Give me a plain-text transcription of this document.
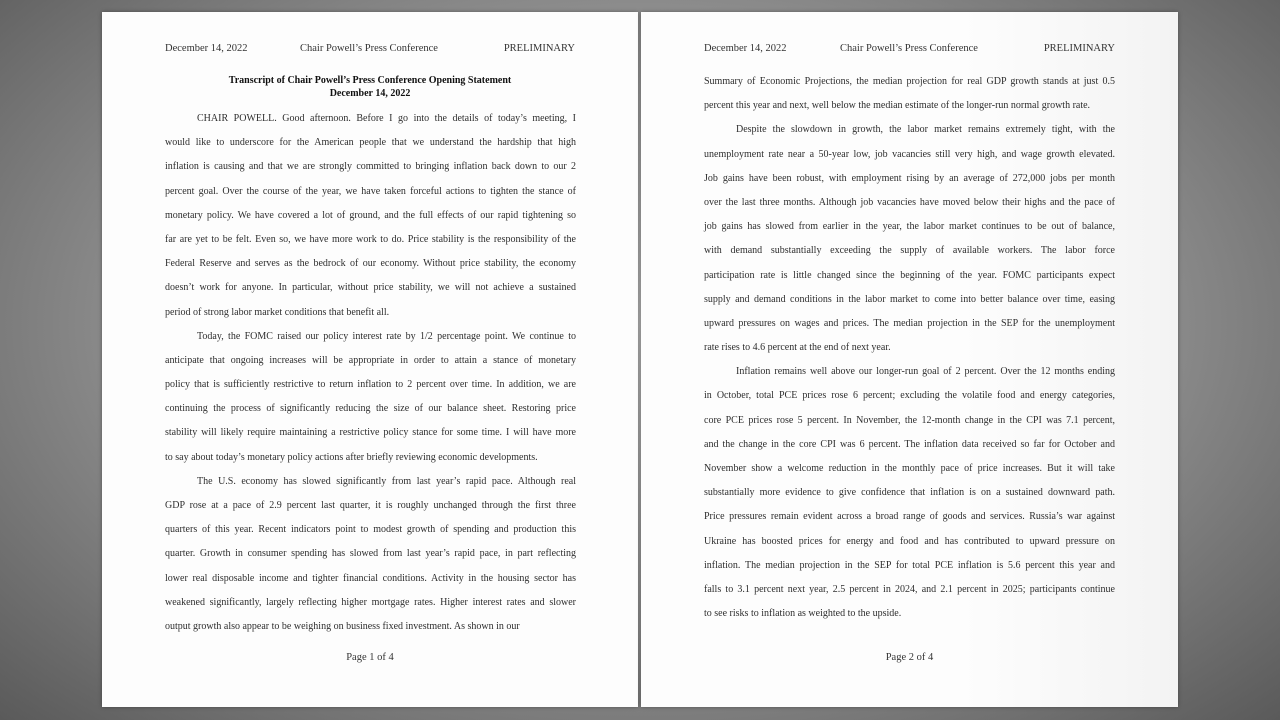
December 14, 2022	Chair Powell’s Press Conference	PRELIMINARY
Transcript of Chair Powell’s Press Conference Opening Statement
December 14, 2022
CHAIR POWELL. Good afternoon. Before I go into the details of today’s meeting, I
would like to underscore for the American people that we understand the hardship that high
inflation is causing and that we are strongly committed to bringing inflation back down to our 2
percent goal. Over the course of the year, we have taken forceful actions to tighten the stance of
monetary policy. We have covered a lot of ground, and the full effects of our rapid tightening so
far are yet to be felt. Even so, we have more work to do. Price stability is the responsibility of the
Federal Reserve and serves as the bedrock of our economy. Without price stability, the economy
doesn’t work for anyone. In particular, without price stability, we will not achieve a sustained
period of strong labor market conditions that benefit all.
Today, the FOMC raised our policy interest rate by 1/2 percentage point. We continue to
anticipate that ongoing increases will be appropriate in order to attain a stance of monetary
policy that is sufficiently restrictive to return inflation to 2 percent over time. In addition, we are
continuing the process of significantly reducing the size of our balance sheet. Restoring price
stability will likely require maintaining a restrictive policy stance for some time. I will have more
to say about today’s monetary policy actions after briefly reviewing economic developments.
The U.S. economy has slowed significantly from last year’s rapid pace. Although real
GDP rose at a pace of 2.9 percent last quarter, it is roughly unchanged through the first three
quarters of this year. Recent indicators point to modest growth of spending and production this
quarter. Growth in consumer spending has slowed from last year’s rapid pace, in part reflecting
lower real disposable income and tighter financial conditions. Activity in the housing sector has
weakened significantly, largely reflecting higher mortgage rates. Higher interest rates and slower
output growth also appear to be weighing on business fixed investment. As shown in our
Page 1 of 4
December 14, 2022	Chair Powell’s Press Conference	PRELIMINARY
Summary of Economic Projections, the median projection for real GDP growth stands at just 0.5
percent this year and next, well below the median estimate of the longer-run normal growth rate.
Despite the slowdown in growth, the labor market remains extremely tight, with the
unemployment rate near a 50-year low, job vacancies still very high, and wage growth elevated.
Job gains have been robust, with employment rising by an average of 272,000 jobs per month
over the last three months. Although job vacancies have moved below their highs and the pace of
job gains has slowed from earlier in the year, the labor market continues to be out of balance,
with demand substantially exceeding the supply of available workers. The labor force
participation rate is little changed since the beginning of the year. FOMC participants expect
supply and demand conditions in the labor market to come into better balance over time, easing
upward pressures on wages and prices. The median projection in the SEP for the unemployment
rate rises to 4.6 percent at the end of next year.
Inflation remains well above our longer-run goal of 2 percent. Over the 12 months ending
in October, total PCE prices rose 6 percent; excluding the volatile food and energy categories,
core PCE prices rose 5 percent. In November, the 12-month change in the CPI was 7.1 percent,
and the change in the core CPI was 6 percent. The inflation data received so far for October and
November show a welcome reduction in the monthly pace of price increases. But it will take
substantially more evidence to give confidence that inflation is on a sustained downward path.
Price pressures remain evident across a broad range of goods and services. Russia’s war against
Ukraine has boosted prices for energy and food and has contributed to upward pressure on
inflation. The median projection in the SEP for total PCE inflation is 5.6 percent this year and
falls to 3.1 percent next year, 2.5 percent in 2024, and 2.1 percent in 2025; participants continue
to see risks to inflation as weighted to the upside.
Page 2 of 4
